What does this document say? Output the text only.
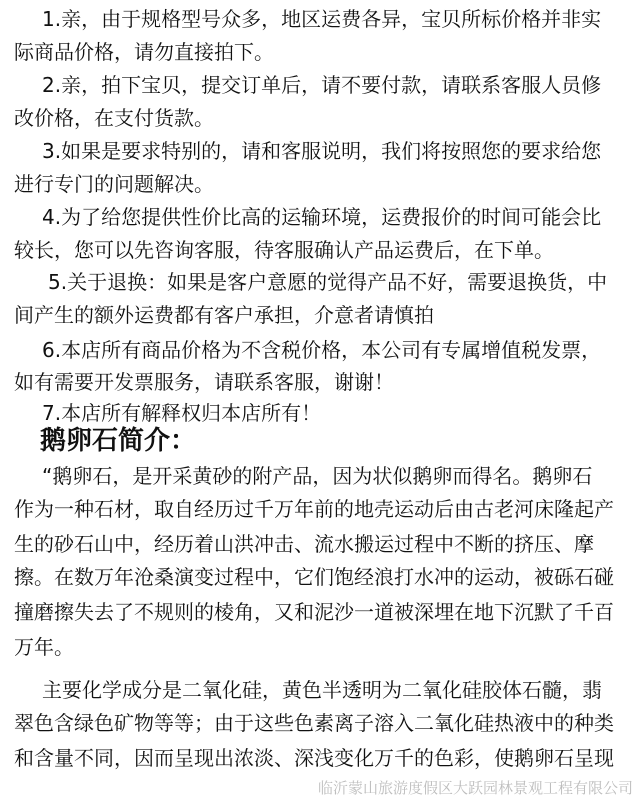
1.亲，由于规格型号众多，地区运费各异，宝贝所标价格并非实
际商品价格，请勿直接拍下。
2.亲，拍下宝贝，提交订单后，请不要付款，请联系客服人员修
改价格，在支付货款。
3.如果是要求特别的，请和客服说明，我们将按照您的要求给您
进行专门的问题解决。
4.为了给您提供性价比高的运输环境，运费报价的时间可能会比
较长，您可以先咨询客服，待客服确认产品运费后，在下单。
5.关于退换：如果是客户意愿的觉得产品不好，需要退换货，中
间产生的额外运费都有客户承担，介意者请慎拍
6.本店所有商品价格为不含税价格，本公司有专属增值税发票，
如有需要开发票服务，请联系客服，谢谢！
7.本店所有解释权归本店所有！
鹅卵石简介：
“鹅卵石，是开采黄砂的附产品，因为状似鹅卵而得名。鹅卵石
作为一种石材，取自经历过千万年前的地壳运动后由古老河床隆起产
生的砂石山中，经历着山洪冲击、流水搬运过程中不断的挤压、摩
擦。在数万年沧桑演变过程中，它们饱经浪打水冲的运动，被砾石碰
撞磨擦失去了不规则的棱角，又和泥沙一道被深埋在地下沉默了千百
万年。
主要化学成分是二氧化硅，黄色半透明为二氧化硅胶体石髓，翡
翠色含绿色矿物等等；由于这些色素离子溶入二氧化硅热液中的种类
和含量不同，因而呈现出浓淡、深浅变化万千的色彩，使鹅卵石呈现
临沂蒙山旅游度假区大跃园林景观工程有限公司
